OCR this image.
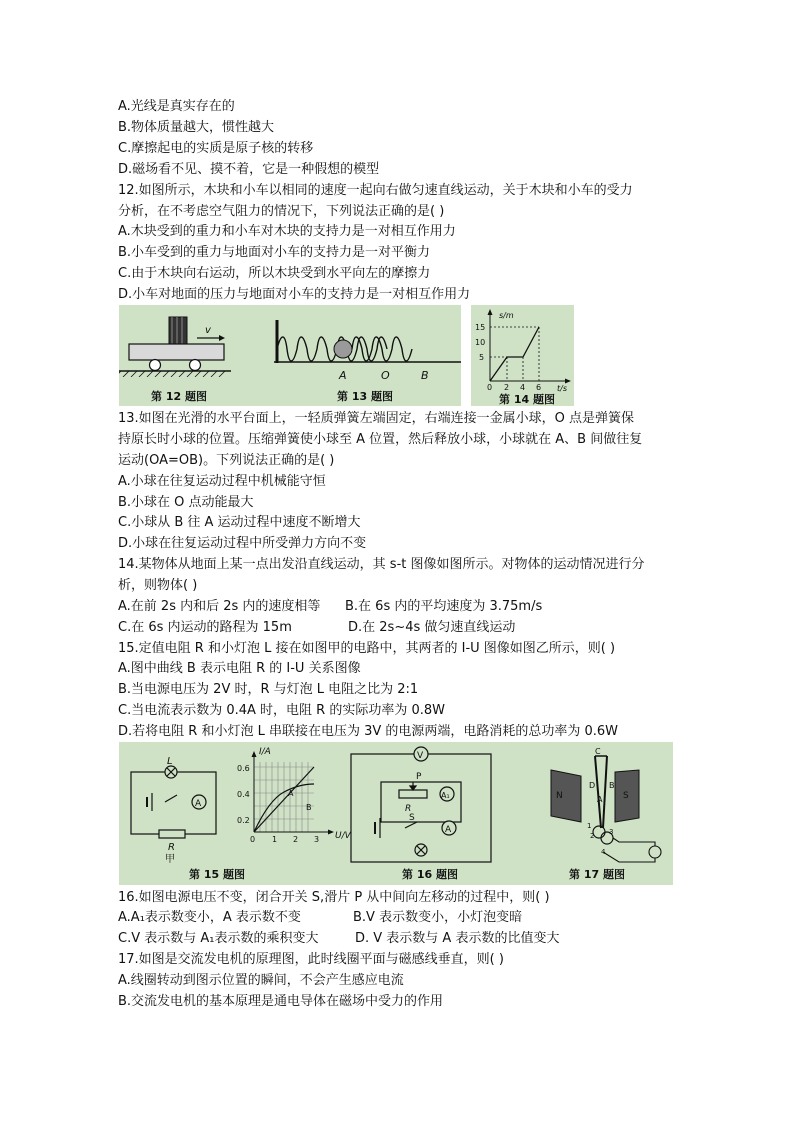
A.光线是真实存在的
B.物体质量越大，惯性越大
C.摩擦起电的实质是原子核的转移
D.磁场看不见、摸不着，它是一种假想的模型
12.如图所示，木块和小车以相同的速度一起向右做匀速直线运动，关于木块和小车的受力
分析，在不考虑空气阻力的情况下，下列说法正确的是( )
A.木块受到的重力和小车对木块的支持力是一对相互作用力
B.小车受到的重力与地面对小车的支持力是一对平衡力
C.由于木块向右运动，所以木块受到水平向左的摩擦力
D.小车对地面的压力与地面对小车的支持力是一对相互作用力
v
第 12 题图
A	O	B
第 13 题图
s/m
t/s
15
10
5
0 2 4 6
第 14 题图
13.如图在光滑的水平台面上，一轻质弹簧左端固定，右端连接一金属小球，O 点是弹簧保
持原长时小球的位置。压缩弹簧使小球至 A 位置，然后释放小球，小球就在 A、B 间做往复
运动(OA=OB)。下列说法正确的是( )
A.小球在往复运动过程中机械能守恒
B.小球在 O 点动能最大
C.小球从 B 往 A 运动过程中速度不断增大
D.小球在往复运动过程中所受弹力方向不变
14.某物体从地面上某一点出发沿直线运动，其 s-t 图像如图所示。对物体的运动情况进行分
析，则物体( )
A.在前 2s 内和后 2s 内的速度相等 B.在 6s 内的平均速度为 3.75m/s
C.在 6s 内运动的路程为 15m	D.在 2s~4s 做匀速直线运动
15.定值电阻 R 和小灯泡 L 接在如图甲的电路中，其两者的 I-U 图像如图乙所示，则( )
A.图中曲线 B 表示电阻 R 的 I-U 关系图像
B.当电源电压为 2V 时，R 与灯泡 L 电阻之比为 2:1
C.当电流表示数为 0.4A 时，电阻 R 的实际功率为 0.8W
D.若将电阻 R 和小灯泡 L 串联接在电压为 3V 的电源两端，电路消耗的总功率为 0.6W
L
A
R
甲
I/A
U/V
0.6
0.4
0.2
0 1 2 3
A
B
第 15 题图
V
P
R
A₁
S
A
第 16 题图
C
D
N	A
B
S
1
2 3
4
第 17 题图
16.如图电源电压不变，闭合开关 S,滑片 P 从中间向左移动的过程中，则( )
A.A₁表示数变小，A 表示数不变	B.V 表示数变小，小灯泡变暗
C.V 表示数与 A₁表示数的乘积变大	D. V 表示数与 A 表示数的比值变大
17.如图是交流发电机的原理图，此时线圈平面与磁感线垂直，则( )
A.线圈转动到图示位置的瞬间，不会产生感应电流
B.交流发电机的基本原理是通电导体在磁场中受力的作用
